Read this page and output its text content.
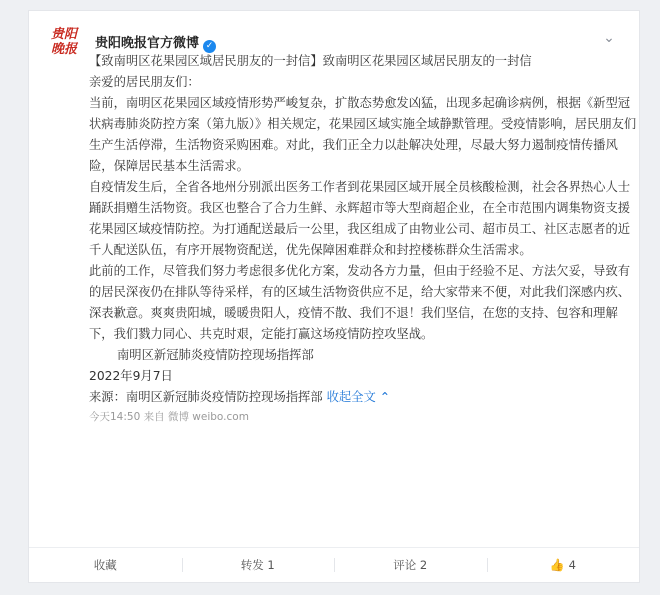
贵阳
晚报 贵阳晚报官方微博 ✓	⌄

【致南明区花果园区域居民朋友的一封信】致南明区花果园区域居民朋友的一封信

亲爱的居民朋友们：

当前，南明区花果园区域疫情形势严峻复杂，扩散态势愈发凶猛，出现多起确诊病例，根据《新型冠状病毒肺炎防控方案（第九版）》相关规定，花果园区域实施全域静默管理。受疫情影响，居民朋友们生产生活停滞，生活物资采购困难。对此，我们正全力以赴解决处理，尽最大努力遏制疫情传播风险，保障居民基本生活需求。

自疫情发生后，全省各地州分别派出医务工作者到花果园区域开展全员核酸检测，社会各界热心人士踊跃捐赠生活物资。我区也整合了合力生鲜、永辉超市等大型商超企业，在全市范围内调集物资支援花果园区域疫情防控。为打通配送最后一公里，我区组成了由物业公司、超市员工、社区志愿者的近千人配送队伍，有序开展物资配送，优先保障困难群众和封控楼栋群众生活需求。

此前的工作，尽管我们努力考虑很多优化方案，发动各方力量，但由于经验不足、方法欠妥，导致有的居民深夜仍在排队等待采样，有的区域生活物资供应不足，给大家带来不便，对此我们深感内疚、深表歉意。爽爽贵阳城，暖暖贵阳人，疫情不散、我们不退！我们坚信，在您的支持、包容和理解下，我们戮力同心、共克时艰，定能打赢这场疫情防控攻坚战。

南明区新冠肺炎疫情防控现场指挥部

2022年9月7日

来源：南明区新冠肺炎疫情防控现场指挥部 收起全文 ⌃

今天14:50 来自 微博 weibo.com

收藏	转发 1	评论 2	👍 4
